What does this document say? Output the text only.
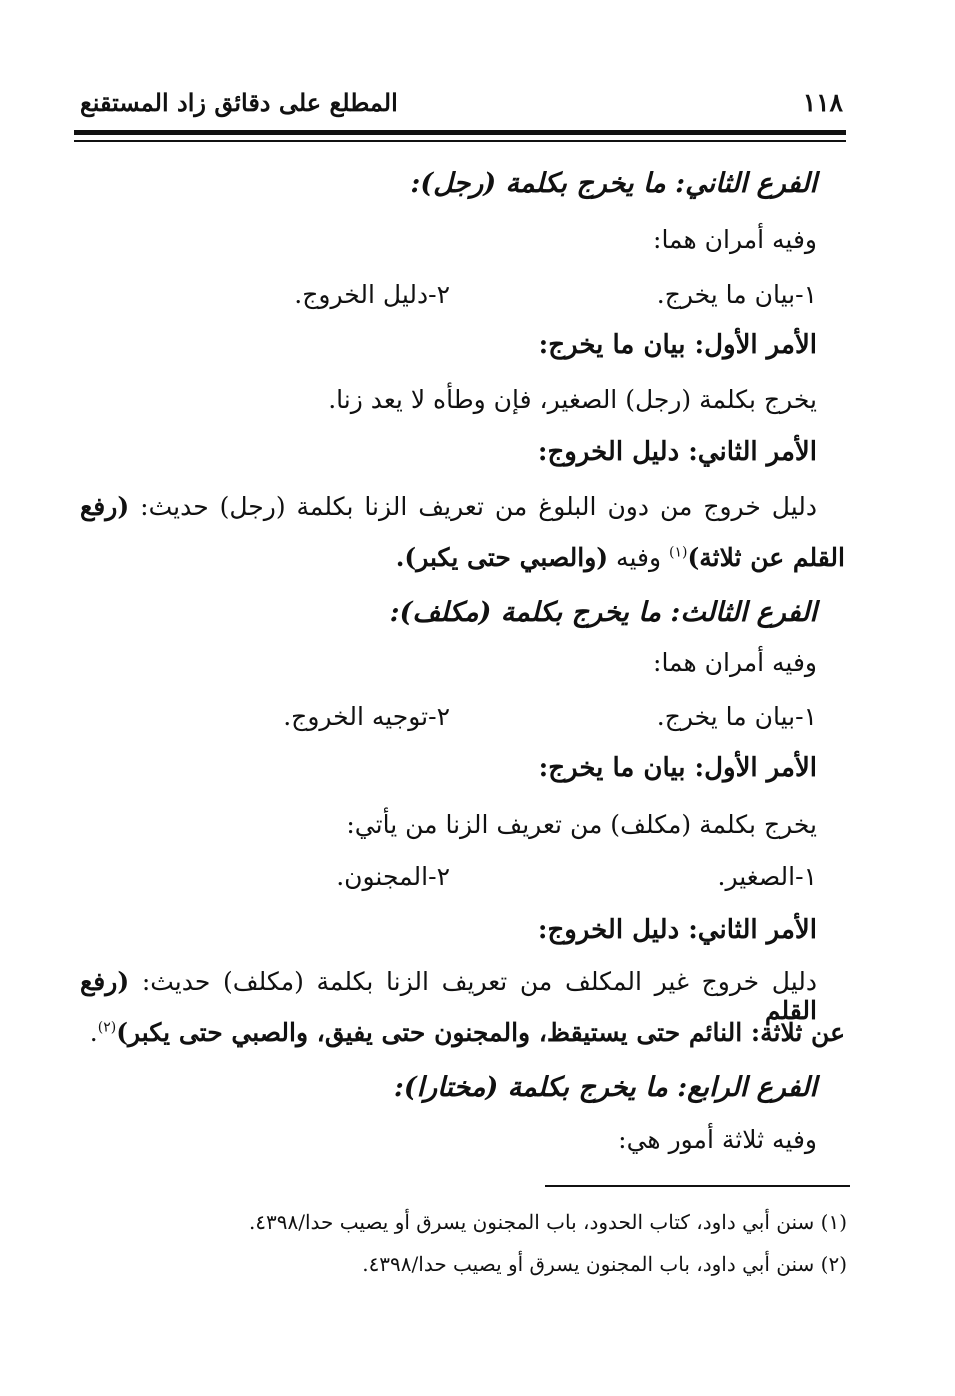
١١٨
المطلع على دقائق زاد المستقنع
الفرع الثاني: ما يخرج بكلمة (رجل):
وفيه أمران هما:
١-بيان ما يخرج.
٢-دليل الخروج.
الأمر الأول: بيان ما يخرج:
يخرج بكلمة (رجل) الصغير، فإن وطأه لا يعد زنا.
الأمر الثاني: دليل الخروج:
دليل خروج من دون البلوغ من تعريف الزنا بكلمة (رجل) حديث: (رفع
القلم عن ثلاثة)$^{(١)}$ وفيه (والصبي حتى يكبر).
الفرع الثالث: ما يخرج بكلمة (مكلف):
وفيه أمران هما:
١-بيان ما يخرج.
٢-توجيه الخروج.
الأمر الأول: بيان ما يخرج:
يخرج بكلمة (مكلف) من تعريف الزنا من يأتي:
١-الصغير.
٢-المجنون.
الأمر الثاني: دليل الخروج:
دليل خروج غير المكلف من تعريف الزنا بكلمة (مكلف) حديث: (رفع القلم
عن ثلاثة: النائم حتى يستيقظ، والمجنون حتى يفيق، والصبي حتى يكبر)$^{(٢)}$.
الفرع الرابع: ما يخرج بكلمة (مختارا):
وفيه ثلاثة أمور هي:
(١) سنن أبي داود، كتاب الحدود، باب المجنون يسرق أو يصيب حدا/٤٣٩٨.
(٢) سنن أبي داود، باب المجنون يسرق أو يصيب حدا/٤٣٩٨.
